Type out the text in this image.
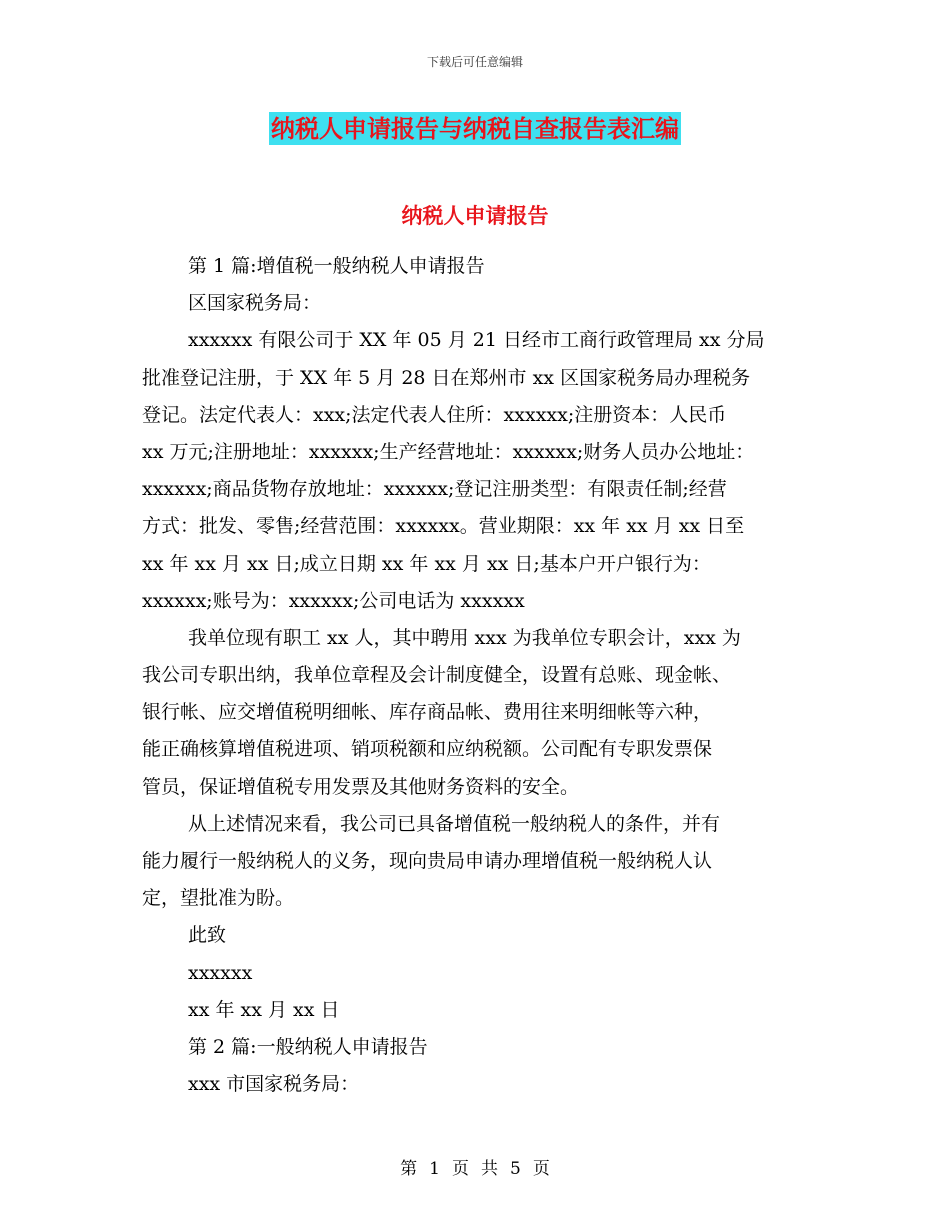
下载后可任意编辑
纳税人申请报告与纳税自查报告表汇编
纳税人申请报告
第 1 篇:增值税一般纳税人申请报告
区国家税务局：
xxxxxx 有限公司于 XX 年 05 月 21 日经市工商行政管理局 xx 分局
批准登记注册，于 XX 年 5 月 28 日在郑州市 xx 区国家税务局办理税务
登记。法定代表人：xxx;法定代表人住所：xxxxxx;注册资本：人民币
xx 万元;注册地址：xxxxxx;生产经营地址：xxxxxx;财务人员办公地址：
xxxxxx;商品货物存放地址：xxxxxx;登记注册类型：有限责任制;经营
方式：批发、零售;经营范围：xxxxxx。营业期限：xx 年 xx 月 xx 日至
xx 年 xx 月 xx 日;成立日期 xx 年 xx 月 xx 日;基本户开户银行为：
xxxxxx;账号为：xxxxxx;公司电话为 xxxxxx
我单位现有职工 xx 人，其中聘用 xxx 为我单位专职会计，xxx 为
我公司专职出纳，我单位章程及会计制度健全，设置有总账、现金帐、
银行帐、应交增值税明细帐、库存商品帐、费用往来明细帐等六种，
能正确核算增值税进项、销项税额和应纳税额。公司配有专职发票保
管员，保证增值税专用发票及其他财务资料的安全。
从上述情况来看，我公司已具备增值税一般纳税人的条件，并有
能力履行一般纳税人的义务，现向贵局申请办理增值税一般纳税人认
定，望批准为盼。
此致
xxxxxx
xx 年 xx 月 xx 日
第 2 篇:一般纳税人申请报告
xxx 市国家税务局：
第 1 页 共 5 页
